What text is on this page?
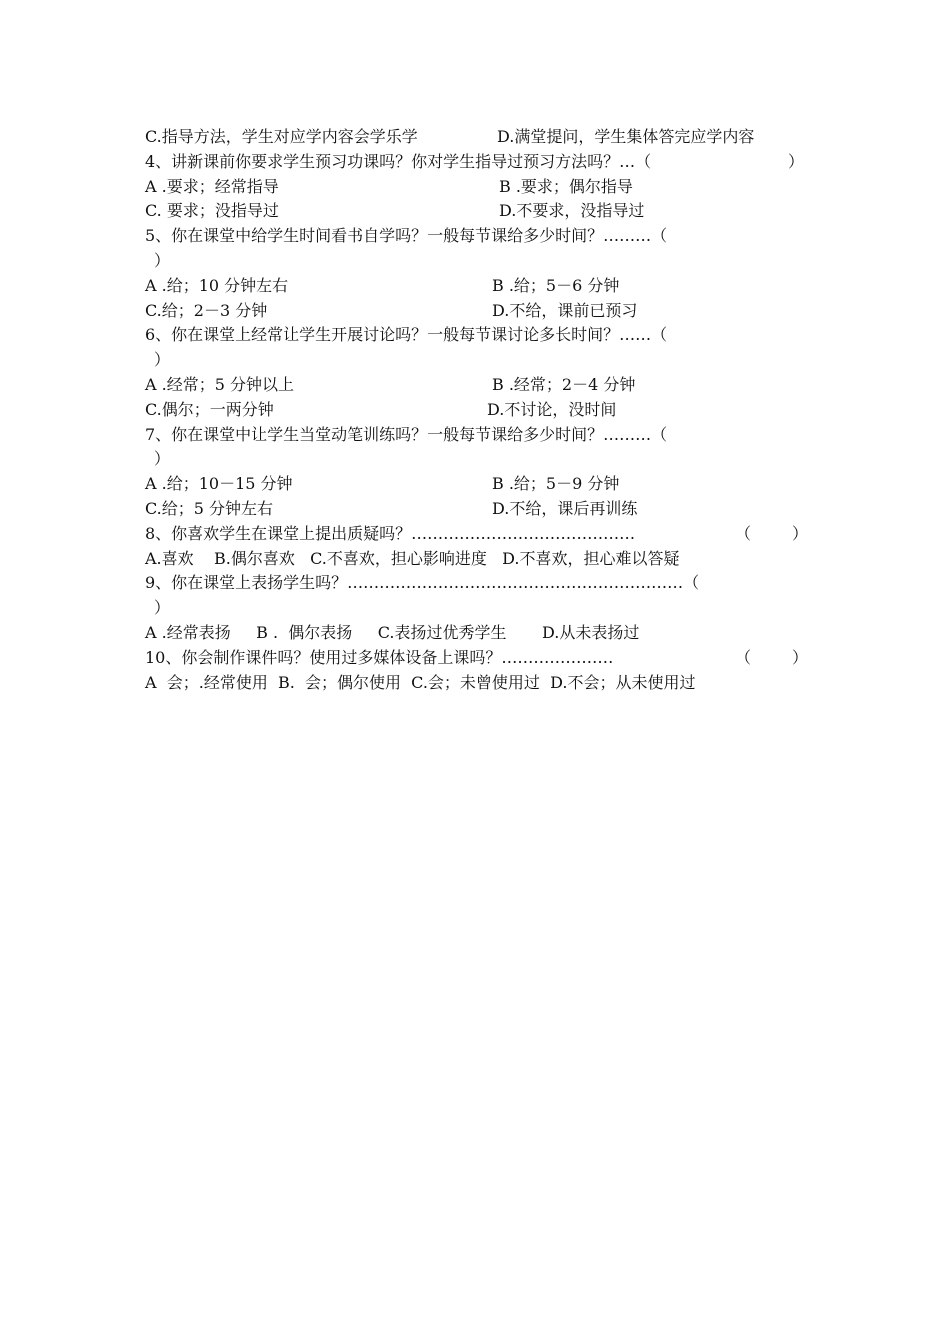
C.指导方法，学生对应学内容会学乐学	D.满堂提问，学生集体答完应学内容
4、讲新课前你要求学生预习功课吗？你对学生指导过预习方法吗？…（	）
A .要求；经常指导	B .要求；偶尔指导
C. 要求；没指导过	D.不要求，没指导过
5、你在课堂中给学生时间看书自学吗？一般每节课给多少时间？………（
）
A .给；10 分钟左右	B .给；5－6 分钟
C.给；2－3 分钟	D.不给，课前已预习
6、你在课堂上经常让学生开展讨论吗？一般每节课讨论多长时间？……（
）
A .经常；5 分钟以上	B .经常；2－4 分钟
C.偶尔；一两分钟	D.不讨论，没时间
7、你在课堂中让学生当堂动笔训练吗？一般每节课给多少时间？………（
）
A .给；10－15 分钟	B .给；5－9 分钟
C.给；5 分钟左右	D.不给，课后再训练
8、你喜欢学生在课堂上提出质疑吗？……………………………………	（	）
A.喜欢    B.偶尔喜欢   C.不喜欢，担心影响进度   D.不喜欢，担心难以答疑
9、你在课堂上表扬学生吗？………………………………………………………（
）
A .经常表扬     B .  偶尔表扬     C.表扬过优秀学生       D.从未表扬过
10、你会制作课件吗？使用过多媒体设备上课吗？…………………	（	）
A  会；.经常使用  B.  会；偶尔使用  C.会；未曾使用过  D.不会；从未使用过
